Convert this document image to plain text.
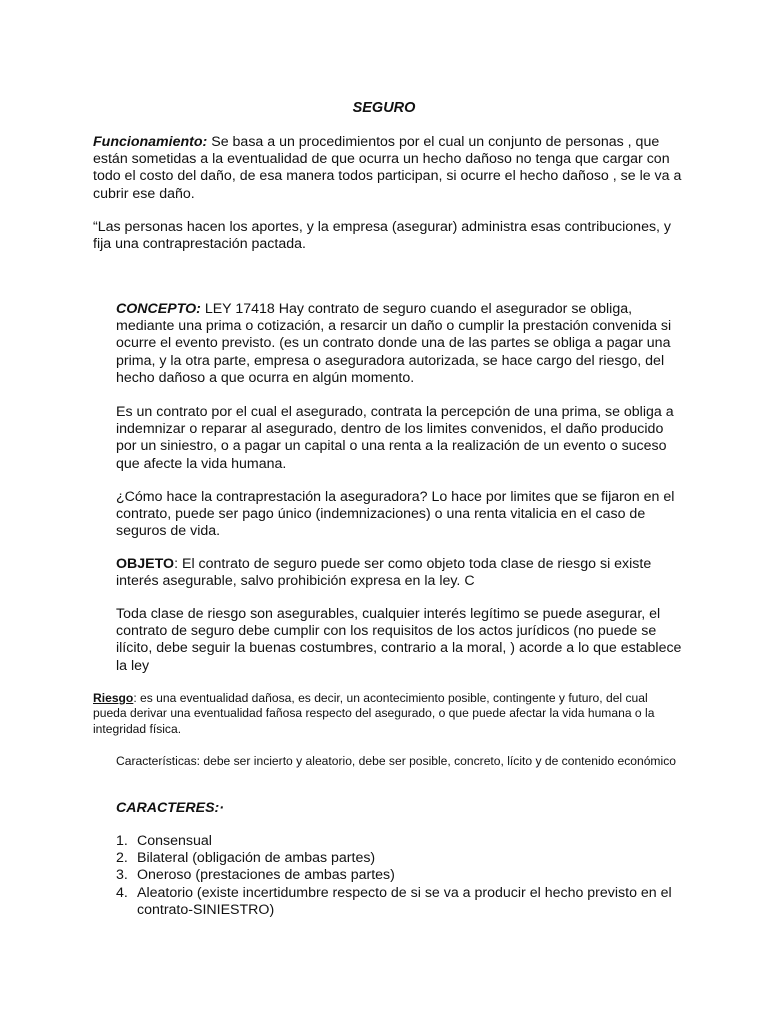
SEGURO

Funcionamiento: Se basa a un procedimientos por el cual un conjunto de personas , que están sometidas a la eventualidad de que ocurra un hecho dañoso no tenga que cargar con todo el costo del daño, de esa manera todos participan, si ocurre el hecho dañoso , se le va a cubrir ese daño.

“Las personas hacen los aportes, y la empresa (asegurar) administra esas contribuciones, y fija una contraprestación pactada.

CONCEPTO: LEY 17418 Hay contrato de seguro cuando el asegurador se obliga, mediante una prima o cotización, a resarcir un daño o cumplir la prestación convenida si ocurre el evento previsto. (es un contrato donde una de las partes se obliga a pagar una prima, y la otra parte, empresa o aseguradora autorizada, se hace cargo del riesgo, del hecho dañoso a que ocurra en algún momento.

Es un contrato por el cual el asegurado, contrata la percepción de una prima, se obliga a indemnizar o reparar al asegurado, dentro de los limites convenidos, el daño producido por un siniestro, o a pagar un capital o una renta a la realización de un evento o suceso que afecte la vida humana.

¿Cómo hace la contraprestación la aseguradora? Lo hace por limites que se fijaron en el contrato, puede ser pago único (indemnizaciones) o una renta vitalicia en el caso de seguros de vida.

OBJETO: El contrato de seguro puede ser como objeto toda clase de riesgo si existe interés asegurable, salvo prohibición expresa en la ley. C

Toda clase de riesgo son asegurables, cualquier interés legítimo se puede asegurar, el contrato de seguro debe cumplir con los requisitos de los actos jurídicos (no puede se ilícito, debe seguir la buenas costumbres, contrario a la moral, ) acorde a lo que establece la ley

Riesgo: es una eventualidad dañosa, es decir, un acontecimiento posible, contingente y futuro, del cual pueda derivar una eventualidad fañosa respecto del asegurado, o que puede afectar la vida humana o la integridad física.

Características: debe ser incierto y aleatorio, debe ser posible, concreto, lícito y de contenido económico

CARACTERES:·
1. Consensual
2. Bilateral (obligación de ambas partes)
3. Oneroso (prestaciones de ambas partes)
4. Aleatorio (existe incertidumbre respecto de si se va a producir el hecho previsto en el contrato-SINIESTRO)
